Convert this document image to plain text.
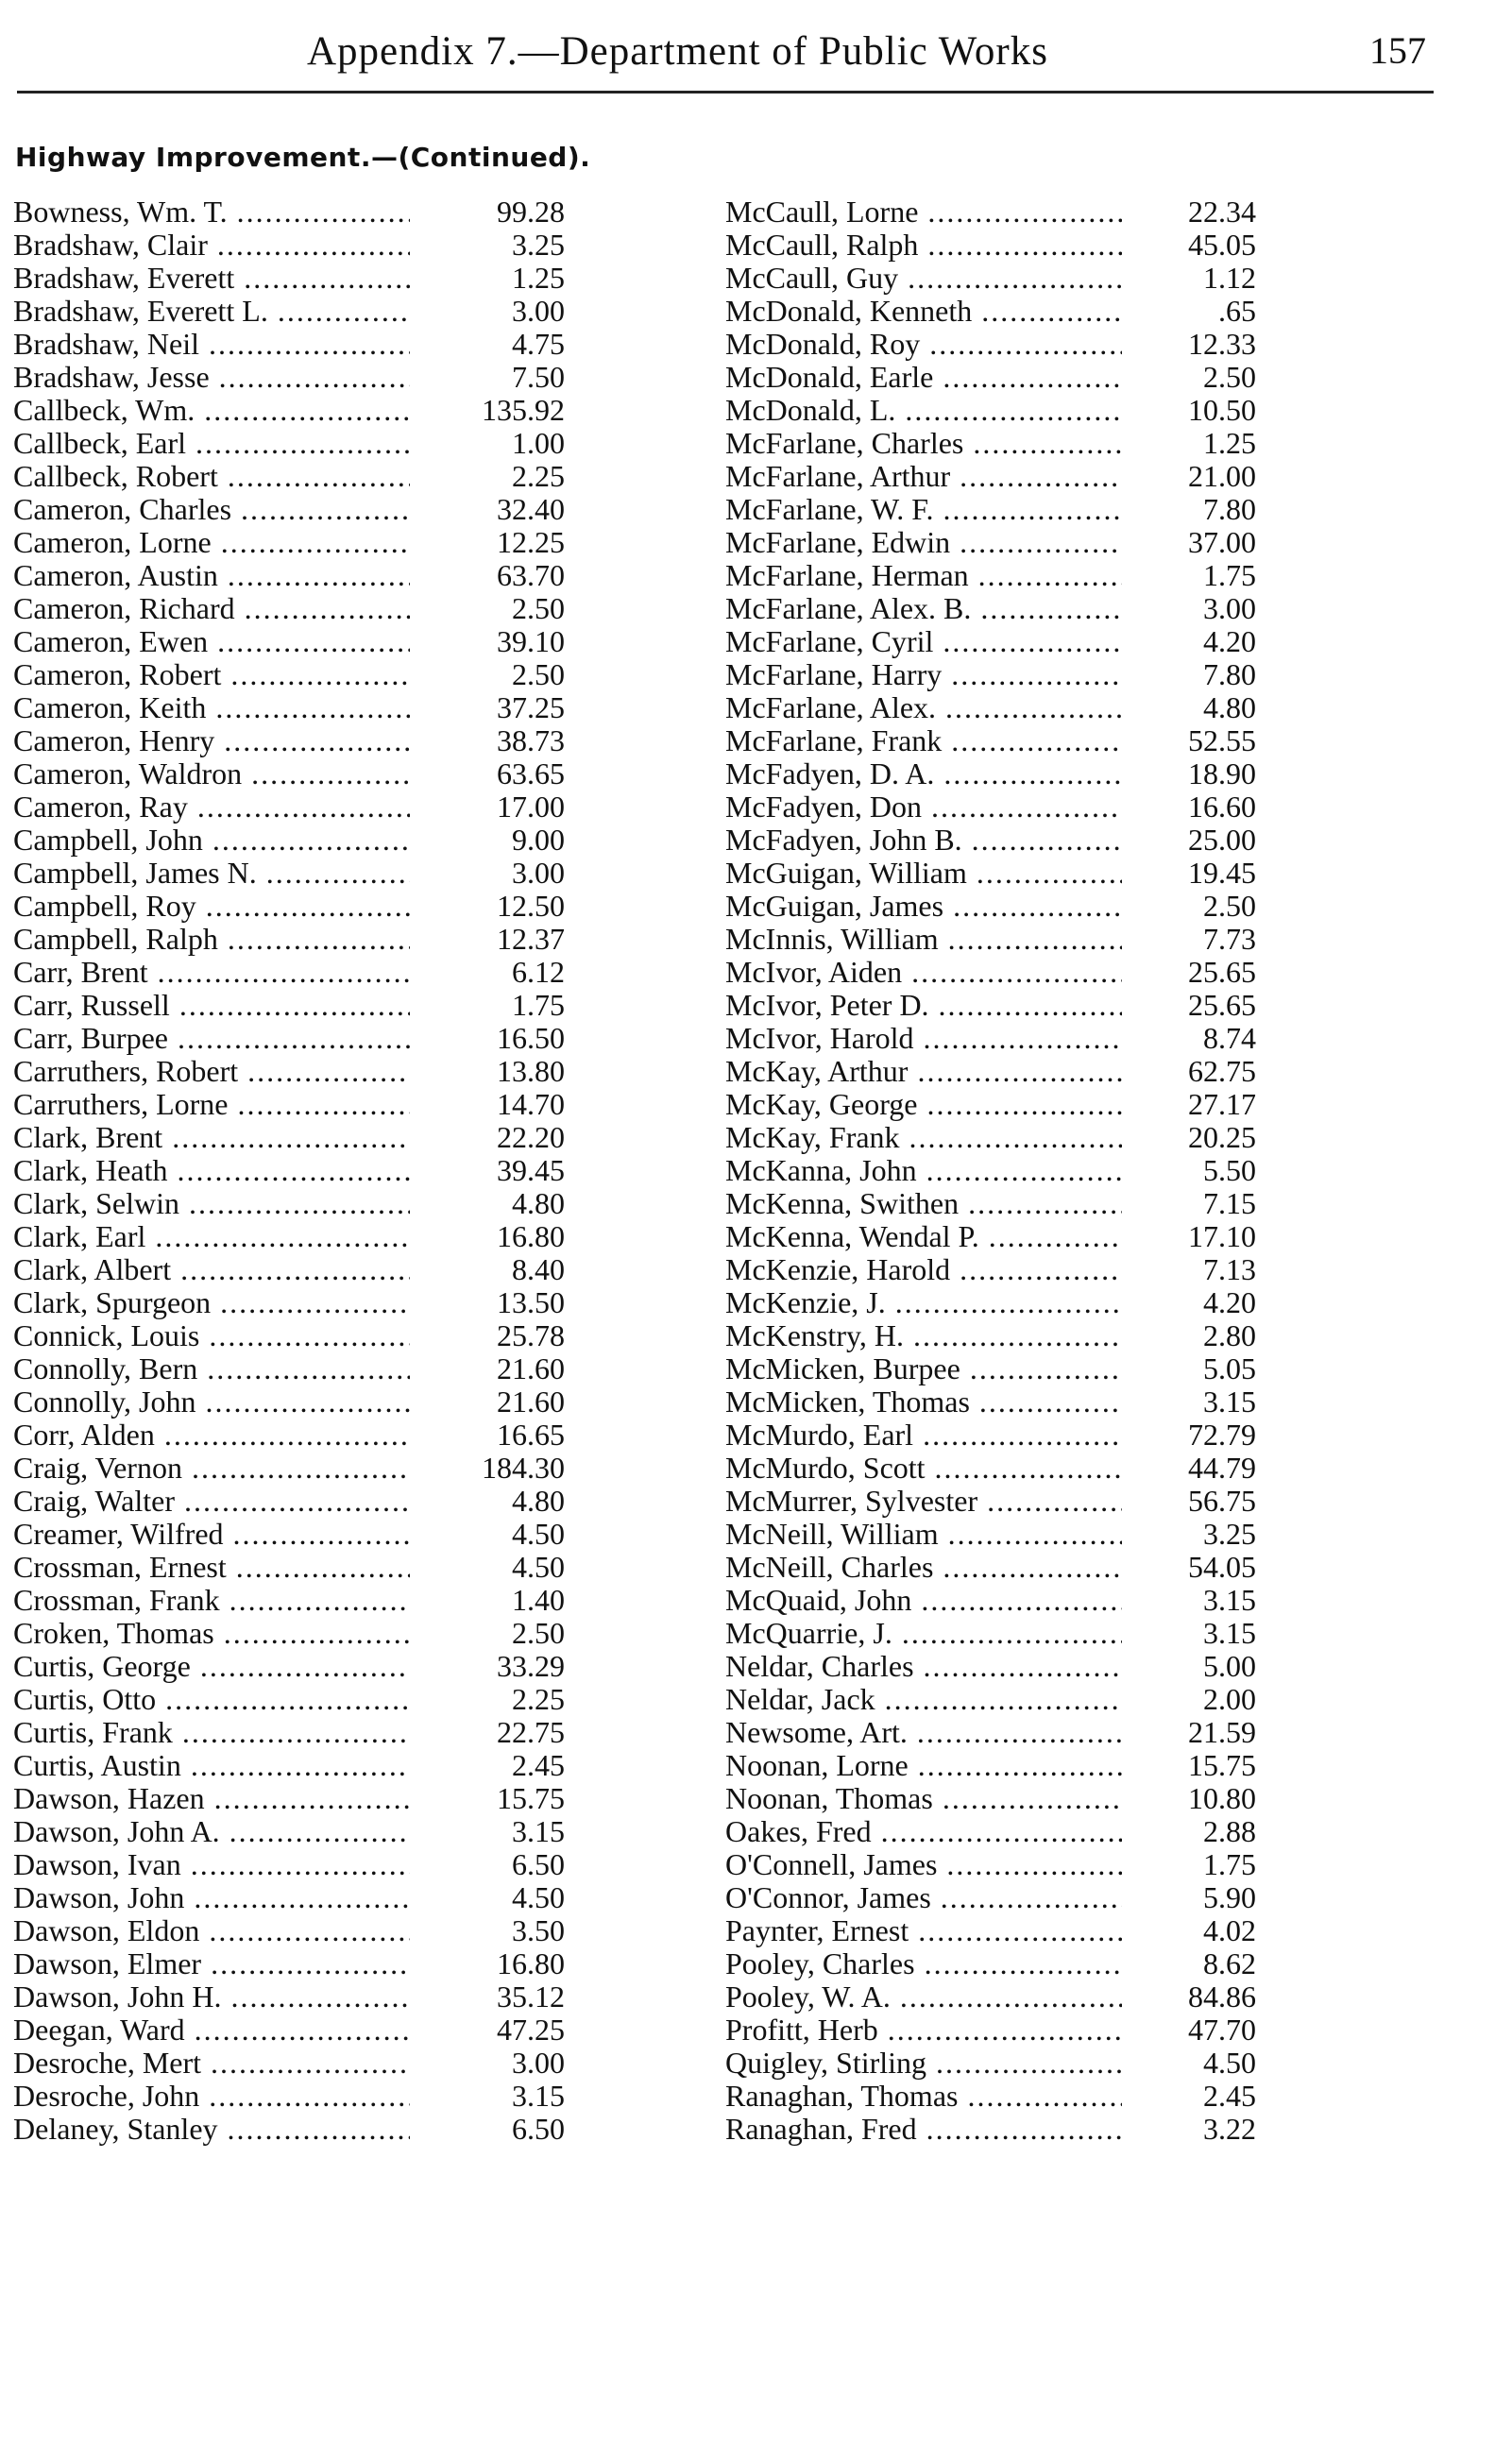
Appendix 7.—Department of Public Works	157
Highway Improvement.—(Continued).
Bowness, Wm. T. .....	99.28
Bradshaw, Clair .....	3.25
Bradshaw, Everett .....	1.25
Bradshaw, Everett L. .....	3.00
Bradshaw, Neil .....	4.75
Bradshaw, Jesse .....	7.50
Callbeck, Wm. .....	135.92
Callbeck, Earl .....	1.00
Callbeck, Robert .....	2.25
Cameron, Charles .....	32.40
Cameron, Lorne .....	12.25
Cameron, Austin .....	63.70
Cameron, Richard .....	2.50
Cameron, Ewen .....	39.10
Cameron, Robert .....	2.50
Cameron, Keith .....	37.25
Cameron, Henry .....	38.73
Cameron, Waldron .....	63.65
Cameron, Ray .....	17.00
Campbell, John .....	9.00
Campbell, James N. .....	3.00
Campbell, Roy .....	12.50
Campbell, Ralph .....	12.37
Carr, Brent .....	6.12
Carr, Russell .....	1.75
Carr, Burpee .....	16.50
Carruthers, Robert .....	13.80
Carruthers, Lorne .....	14.70
Clark, Brent .....	22.20
Clark, Heath .....	39.45
Clark, Selwin .....	4.80
Clark, Earl .....	16.80
Clark, Albert .....	8.40
Clark, Spurgeon .....	13.50
Connick, Louis .....	25.78
Connolly, Bern .....	21.60
Connolly, John .....	21.60
Corr, Alden .....	16.65
Craig, Vernon .....	184.30
Craig, Walter .....	4.80
Creamer, Wilfred .....	4.50
Crossman, Ernest .....	4.50
Crossman, Frank .....	1.40
Croken, Thomas .....	2.50
Curtis, George .....	33.29
Curtis, Otto .....	2.25
Curtis, Frank .....	22.75
Curtis, Austin .....	2.45
Dawson, Hazen .....	15.75
Dawson, John A. .....	3.15
Dawson, Ivan .....	6.50
Dawson, John .....	4.50
Dawson, Eldon .....	3.50
Dawson, Elmer .....	16.80
Dawson, John H. .....	35.12
Deegan, Ward .....	47.25
Desroche, Mert .....	3.00
Desroche, John .....	3.15
Delaney, Stanley .....	6.50
McCaull, Lorne .....	22.34
McCaull, Ralph .....	45.05
McCaull, Guy .....	1.12
McDonald, Kenneth .....	.65
McDonald, Roy .....	12.33
McDonald, Earle .....	2.50
McDonald, L. .....	10.50
McFarlane, Charles .....	1.25
McFarlane, Arthur .....	21.00
McFarlane, W. F. .....	7.80
McFarlane, Edwin .....	37.00
McFarlane, Herman .....	1.75
McFarlane, Alex. B. .....	3.00
McFarlane, Cyril .....	4.20
McFarlane, Harry .....	7.80
McFarlane, Alex. .....	4.80
McFarlane, Frank .....	52.55
McFadyen, D. A. .....	18.90
McFadyen, Don .....	16.60
McFadyen, John B. .....	25.00
McGuigan, William .....	19.45
McGuigan, James .....	2.50
McInnis, William .....	7.73
McIvor, Aiden .....	25.65
McIvor, Peter D. .....	25.65
McIvor, Harold .....	8.74
McKay, Arthur .....	62.75
McKay, George .....	27.17
McKay, Frank .....	20.25
McKanna, John .....	5.50
McKenna, Swithen .....	7.15
McKenna, Wendal P. .....	17.10
McKenzie, Harold .....	7.13
McKenzie, J. .....	4.20
McKenstry, H. .....	2.80
McMicken, Burpee .....	5.05
McMicken, Thomas .....	3.15
McMurdo, Earl .....	72.79
McMurdo, Scott .....	44.79
McMurrer, Sylvester .....	56.75
McNeill, William .....	3.25
McNeill, Charles .....	54.05
McQuaid, John .....	3.15
McQuarrie, J. .....	3.15
Neldar, Charles .....	5.00
Neldar, Jack .....	2.00
Newsome, Art. .....	21.59
Noonan, Lorne .....	15.75
Noonan, Thomas .....	10.80
Oakes, Fred .....	2.88
O'Connell, James .....	1.75
O'Connor, James .....	5.90
Paynter, Ernest .....	4.02
Pooley, Charles .....	8.62
Pooley, W. A. .....	84.86
Profitt, Herb .....	47.70
Quigley, Stirling .....	4.50
Ranaghan, Thomas .....	2.45
Ranaghan, Fred .....	3.22
